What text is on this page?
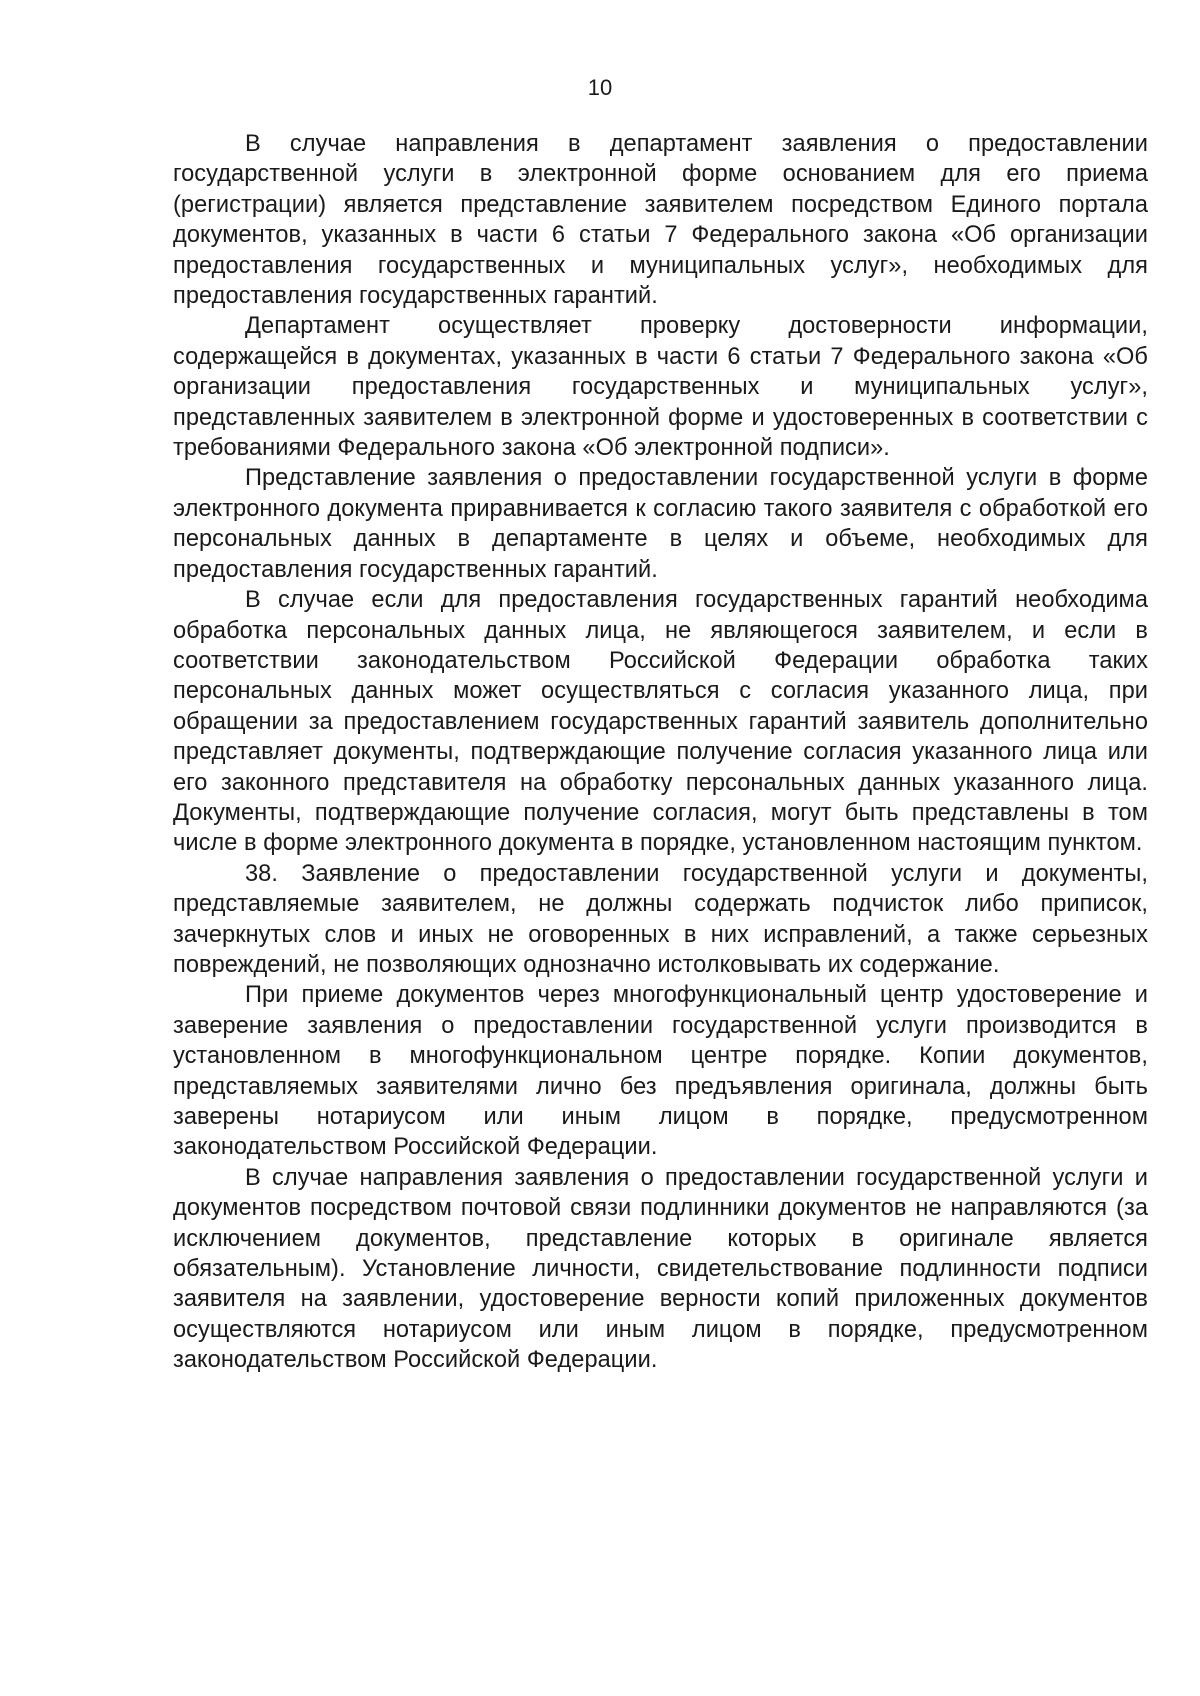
10

В случае направления в департамент заявления о предоставлении государственной услуги в электронной форме основанием для его приема (регистрации) является представление заявителем посредством Единого портала документов, указанных в части 6 статьи 7 Федерального закона «Об организации предоставления государственных и муниципальных услуг», необходимых для предоставления государственных гарантий.

Департамент осуществляет проверку достоверности информации, содержащейся в документах, указанных в части 6 статьи 7 Федерального закона «Об организации предоставления государственных и муниципальных услуг», представленных заявителем в электронной форме и удостоверенных в соответствии с требованиями Федерального закона «Об электронной подписи».

Представление заявления о предоставлении государственной услуги в форме электронного документа приравнивается к согласию такого заявителя с обработкой его персональных данных в департаменте в целях и объеме, необходимых для предоставления государственных гарантий.

В случае если для предоставления государственных гарантий необходима обработка персональных данных лица, не являющегося заявителем, и если в соответствии законодательством Российской Федерации обработка таких персональных данных может осуществляться с согласия указанного лица, при обращении за предоставлением государственных гарантий заявитель дополнительно представляет документы, подтверждающие получение согласия указанного лица или его законного представителя на обработку персональных данных указанного лица. Документы, подтверждающие получение согласия, могут быть представлены в том числе в форме электронного документа в порядке, установленном настоящим пунктом.

38. Заявление о предоставлении государственной услуги и документы, представляемые заявителем, не должны содержать подчисток либо приписок, зачеркнутых слов и иных не оговоренных в них исправлений, а также серьезных повреждений, не позволяющих однозначно истолковывать их содержание.

При приеме документов через многофункциональный центр удостоверение и заверение заявления о предоставлении государственной услуги производится в установленном в многофункциональном центре порядке. Копии документов, представляемых заявителями лично без предъявления оригинала, должны быть заверены нотариусом или иным лицом в порядке, предусмотренном законодательством Российской Федерации.

В случае направления заявления о предоставлении государственной услуги и документов посредством почтовой связи подлинники документов не направляются (за исключением документов, представление которых в оригинале является обязательным). Установление личности, свидетельствование подлинности подписи заявителя на заявлении, удостоверение верности копий приложенных документов осуществляются нотариусом или иным лицом в порядке, предусмотренном законодательством Российской Федерации.
